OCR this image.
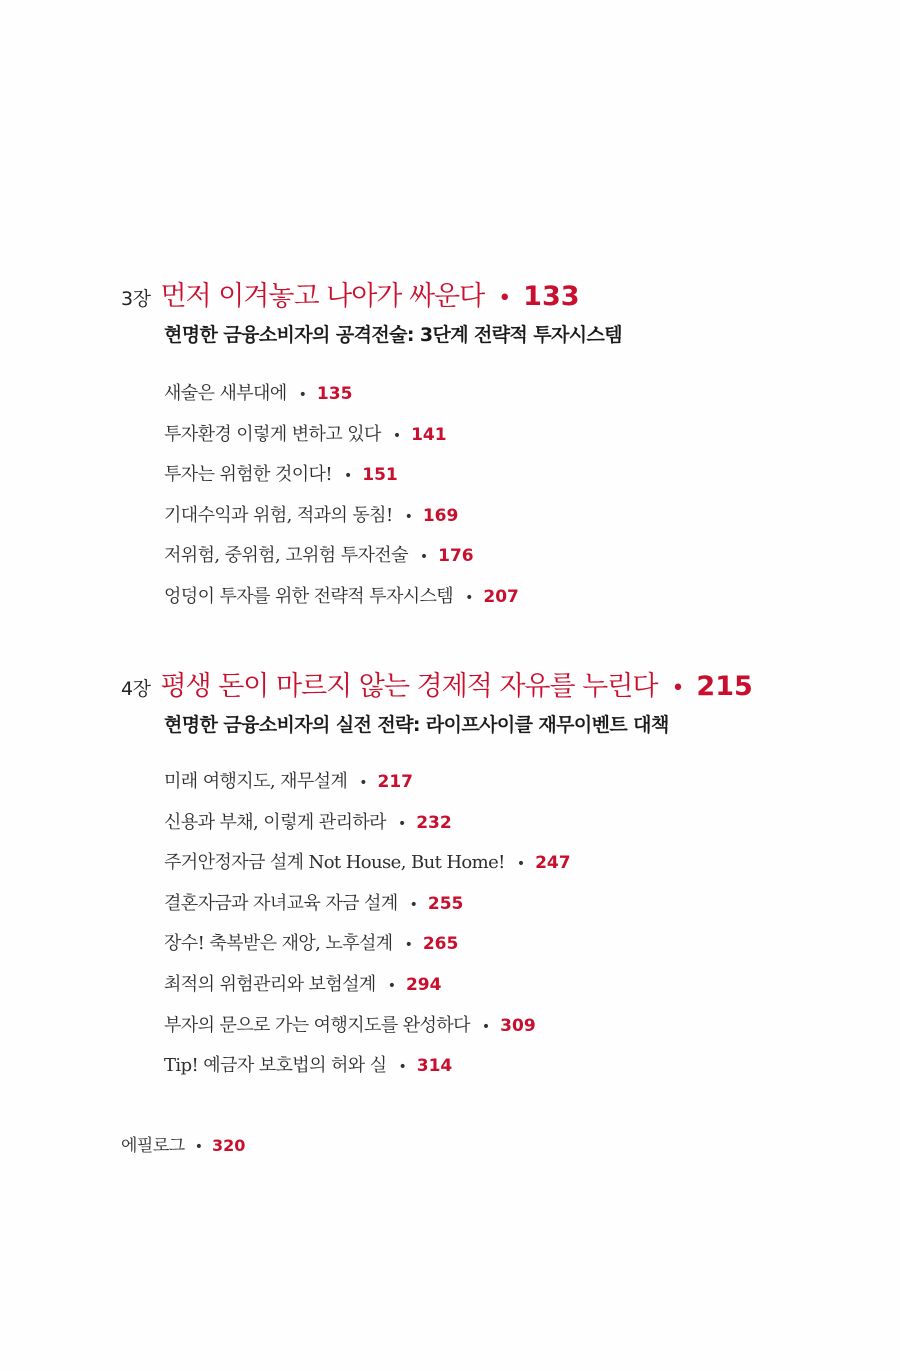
3장 먼저 이겨놓고 나아가 싸운다 • 133
현명한 금융소비자의 공격전술: 3단계 전략적 투자시스템
새술은 새부대에 • 135
투자환경 이렇게 변하고 있다 • 141
투자는 위험한 것이다! • 151
기대수익과 위험, 적과의 동침! • 169
저위험, 중위험, 고위험 투자전술 • 176
엉덩이 투자를 위한 전략적 투자시스템 • 207
4장 평생 돈이 마르지 않는 경제적 자유를 누린다 • 215
현명한 금융소비자의 실전 전략: 라이프사이클 재무이벤트 대책
미래 여행지도, 재무설계 • 217
신용과 부채, 이렇게 관리하라 • 232
주거안정자금 설계 Not House, But Home! • 247
결혼자금과 자녀교육 자금 설계 • 255
장수! 축복받은 재앙, 노후설계 • 265
최적의 위험관리와 보험설계 • 294
부자의 문으로 가는 여행지도를 완성하다 • 309
Tip! 예금자 보호법의 허와 실 • 314
에필로그 • 320
